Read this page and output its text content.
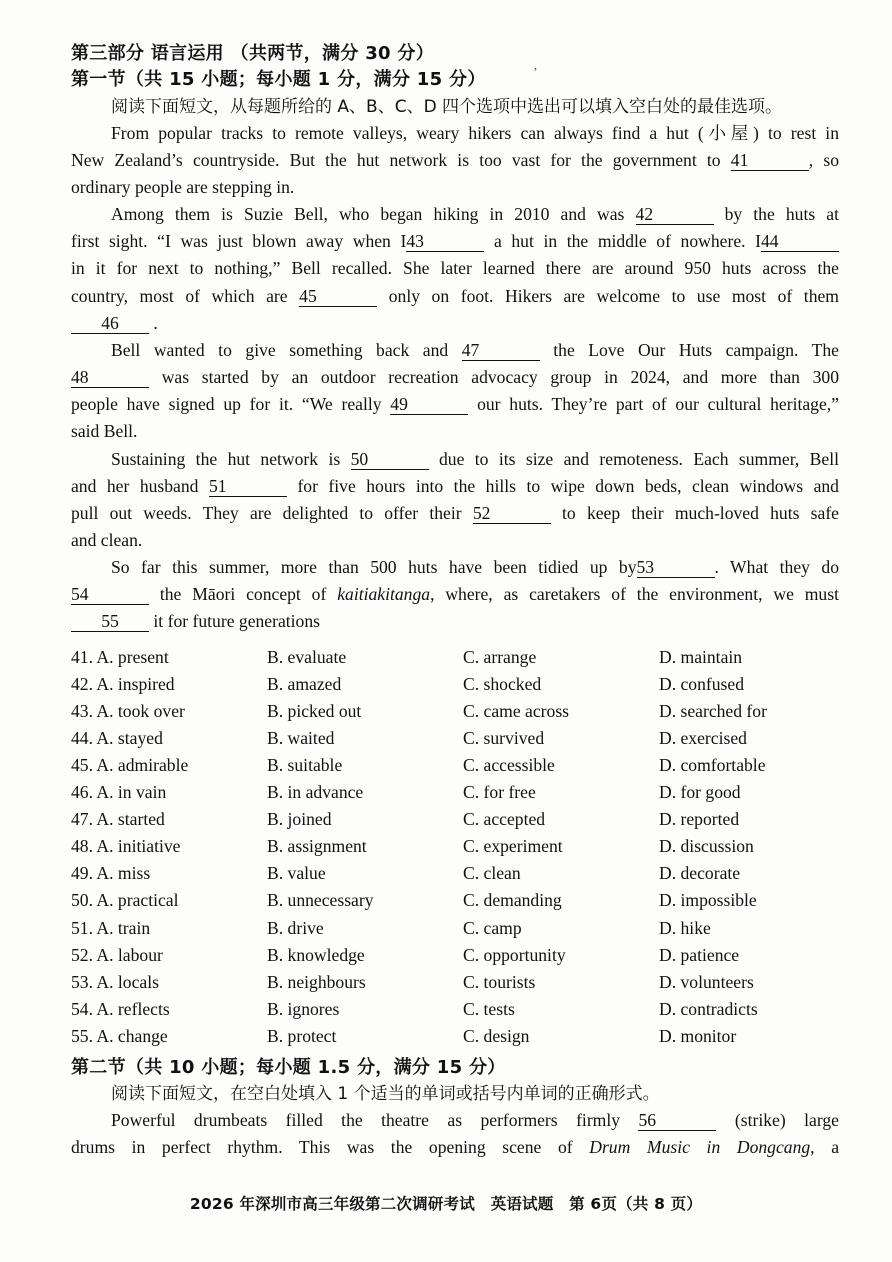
,
第三部分 语言运用 （共两节，满分 30 分）
第一节（共 15 小题；每小题 1 分，满分 15 分）
阅读下面短文，从每题所给的 A、B、C、D 四个选项中选出可以填入空白处的最佳选项。
From popular tracks to remote valleys, weary hikers can always find a hut (小屋) to rest in
New Zealand’s countryside. But the hut network is too vast for the government to 41	, so
ordinary people are stepping in.
Among them is Suzie Bell, who began hiking in 2010 and was 42	by the huts at
first sight. “I was just blown away when I43	a hut in the middle of nowhere. I44
in it for next to nothing,” Bell recalled. She later learned there are around 950 huts across the
country, most of which are 45	only on foot. Hikers are welcome to use most of them
46 .
Bell wanted to give something back and 47	the Love Our Huts campaign. The
48	was started by an outdoor recreation advocacy group in 2024, and more than 300
people have signed up for it. “We really 49	our huts. They’re part of our cultural heritage,”
said Bell.
Sustaining the hut network is 50	due to its size and remoteness. Each summer, Bell
and her husband 51	for five hours into the hills to wipe down beds, clean windows and
pull out weeds. They are delighted to offer their 52	to keep their much-loved huts safe
and clean.
So far this summer, more than 500 huts have been tidied up by53	. What they do
54	the Māori concept of kaitiakitanga, where, as caretakers of the environment, we must
55 it for future generations
41. A. present	B. evaluate	C. arrange	D. maintain
42. A. inspired	B. amazed	C. shocked	D. confused
43. A. took over	B. picked out	C. came across	D. searched for
44. A. stayed	B. waited	C. survived	D. exercised
45. A. admirable	B. suitable	C. accessible	D. comfortable
46. A. in vain	B. in advance	C. for free	D. for good
47. A. started	B. joined	C. accepted	D. reported
48. A. initiative	B. assignment	C. experiment	D. discussion
49. A. miss	B. value	C. clean	D. decorate
50. A. practical	B. unnecessary	C. demanding	D. impossible
51. A. train	B. drive	C. camp	D. hike
52. A. labour	B. knowledge	C. opportunity	D. patience
53. A. locals	B. neighbours	C. tourists	D. volunteers
54. A. reflects	B. ignores	C. tests	D. contradicts
55. A. change	B. protect	C. design	D. monitor
第二节（共 10 小题；每小题 1.5 分，满分 15 分）
阅读下面短文，在空白处填入 1 个适当的单词或括号内单词的正确形式。
Powerful drumbeats filled the theatre as performers firmly 56	(strike) large
drums in perfect rhythm. This was the opening scene of Drum Music in Dongcang, a
2026 年深圳市高三年级第二次调研考试　英语试题　第 6页（共 8 页）
